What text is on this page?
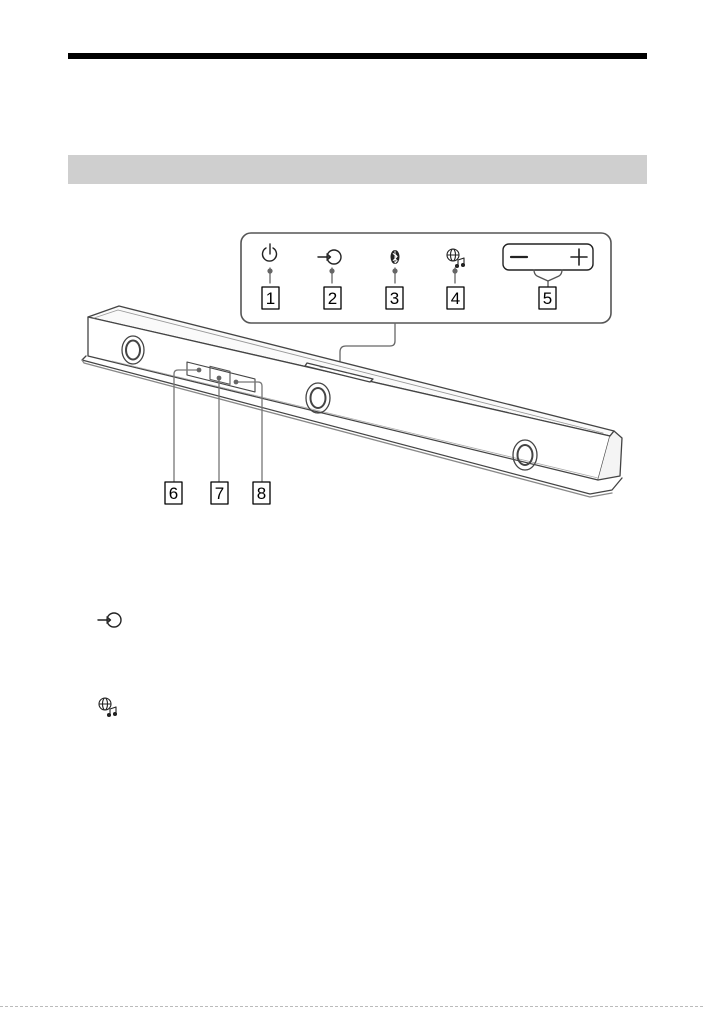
1	2	3	4	5
6 7 8
